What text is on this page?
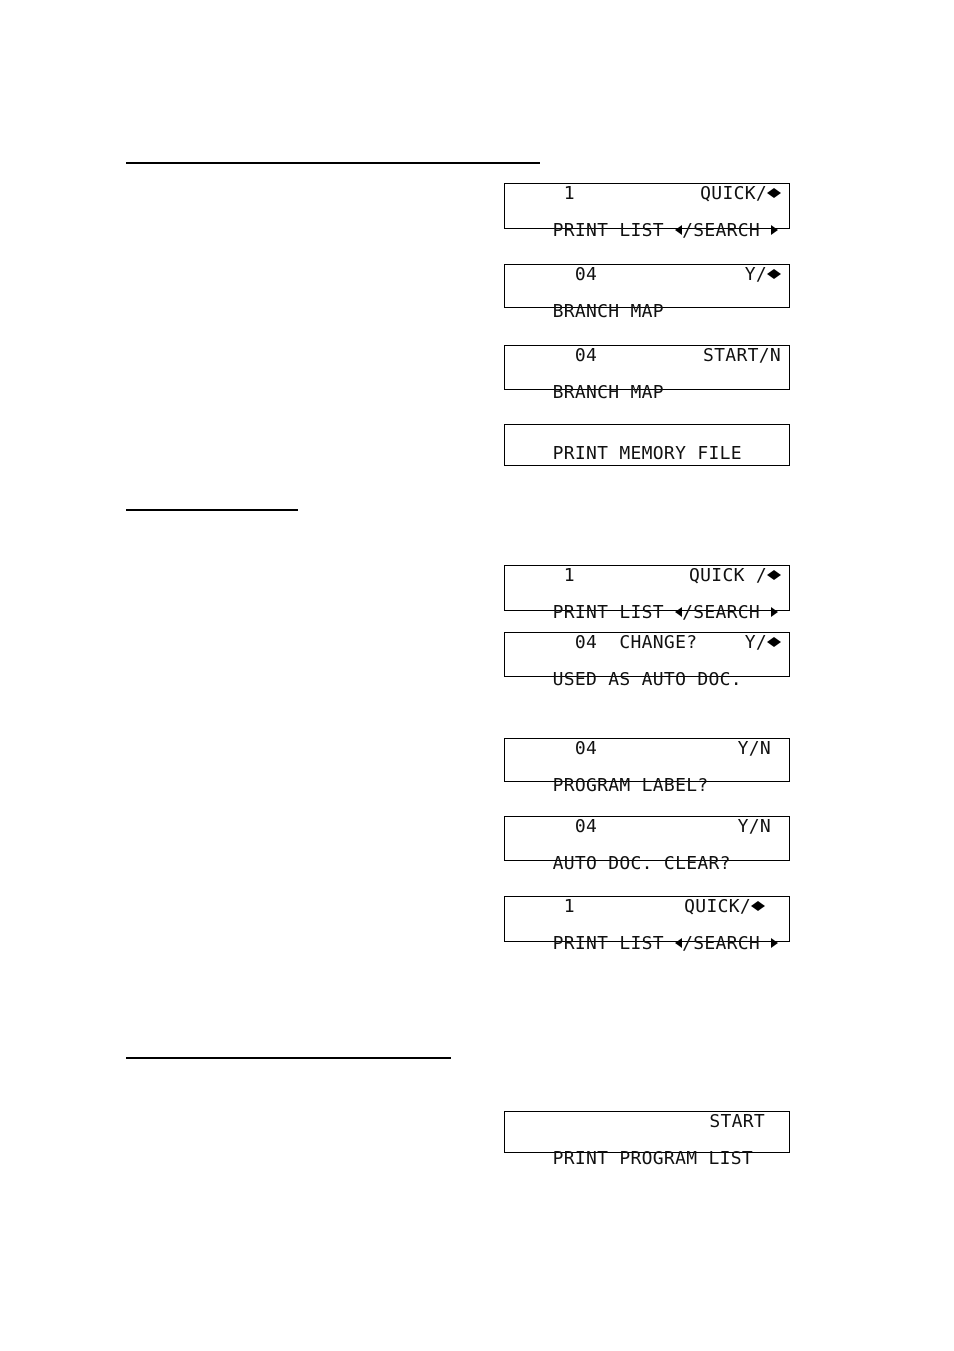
1

	QUICK/

PRINT LIST /SEARCH

04

	Y/

BRANCH MAP

04

	START/N

BRANCH MAP

PRINT MEMORY FILE

1

	QUICK /

PRINT LIST /SEARCH

04  CHANGE?

	Y/

USED AS AUTO DOC.

04

	Y/N

PROGRAM LABEL?

04

	Y/N

AUTO DOC. CLEAR?

1

	QUICK/

PRINT LIST /SEARCH

START

PRINT PROGRAM LIST
